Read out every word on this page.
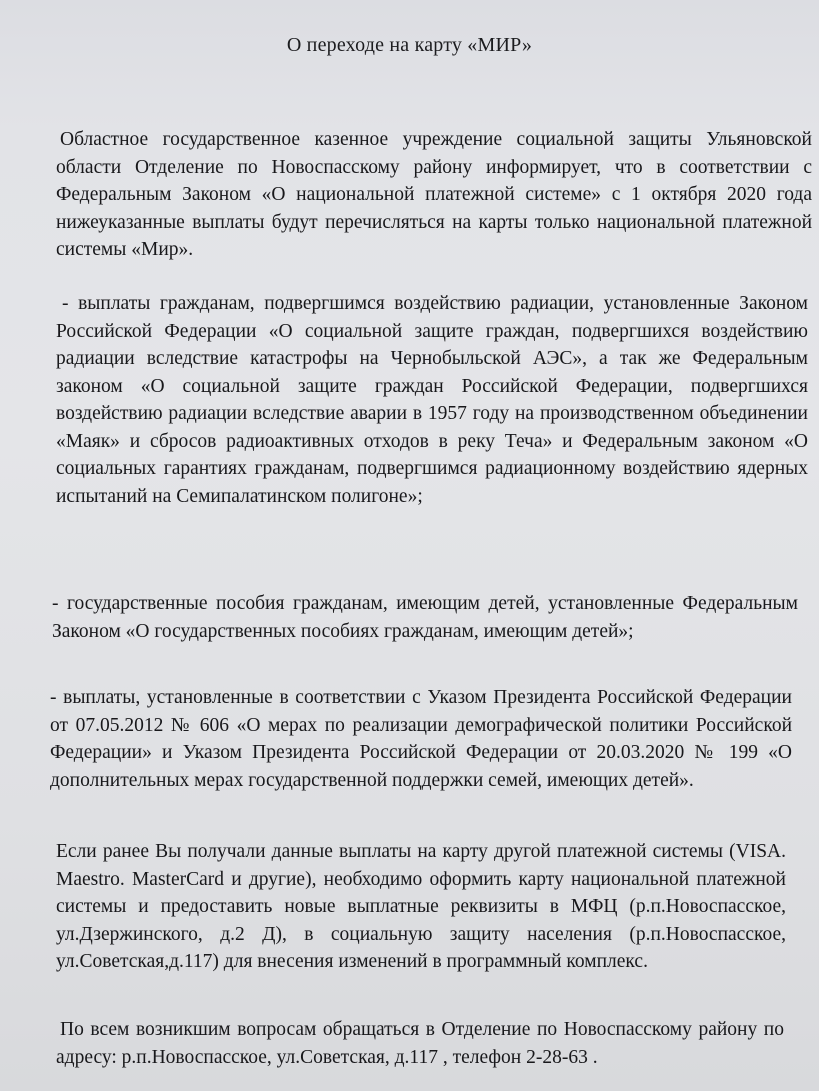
О переходе на карту «МИР»

Областное государственное казенное учреждение социальной защиты Ульяновской области Отделение по Новоспасскому району информирует, что в соответствии с Федеральным Законом «О национальной платежной системе» с 1 октября 2020 года нижеуказанные выплаты будут перечисляться на карты только национальной платежной системы «Мир».

- выплаты гражданам, подвергшимся воздействию радиации, установленные Законом Российской Федерации «О социальной защите граждан, подвергшихся воздействию радиации вследствие катастрофы на Чернобыльской АЭС», а так же Федеральным законом «О социальной защите граждан Российской Федерации, подвергшихся воздействию радиации вследствие аварии в 1957 году на производственном объединении «Маяк» и сбросов радиоактивных отходов в реку Теча» и Федеральным законом «О социальных гарантиях гражданам, подвергшимся радиационному воздействию ядерных испытаний на Семипалатинском полигоне»;

- государственные пособия гражданам, имеющим детей, установленные Федеральным Законом «О государственных пособиях гражданам, имеющим детей»;

- выплаты, установленные в соответствии с Указом Президента Российской Федерации от 07.05.2012 № 606 «О мерах по реализации демографической политики Российской Федерации» и Указом Президента Российской Федерации от 20.03.2020 № 199 «О дополнительных мерах государственной поддержки семей, имеющих детей».

Если ранее Вы получали данные выплаты на карту другой платежной системы (VISA. Maestro. MasterCard и другие), необходимо оформить карту национальной платежной системы и предоставить новые выплатные реквизиты в МФЦ (р.п.Новоспасское, ул.Дзержинского, д.2 Д), в социальную защиту населения (р.п.Новоспасское, ул.Советская,д.117) для внесения изменений в программный комплекс.

По всем возникшим вопросам обращаться в Отделение по Новоспасскому району по адресу: р.п.Новоспасское, ул.Советская, д.117 , телефон 2-28-63 .
